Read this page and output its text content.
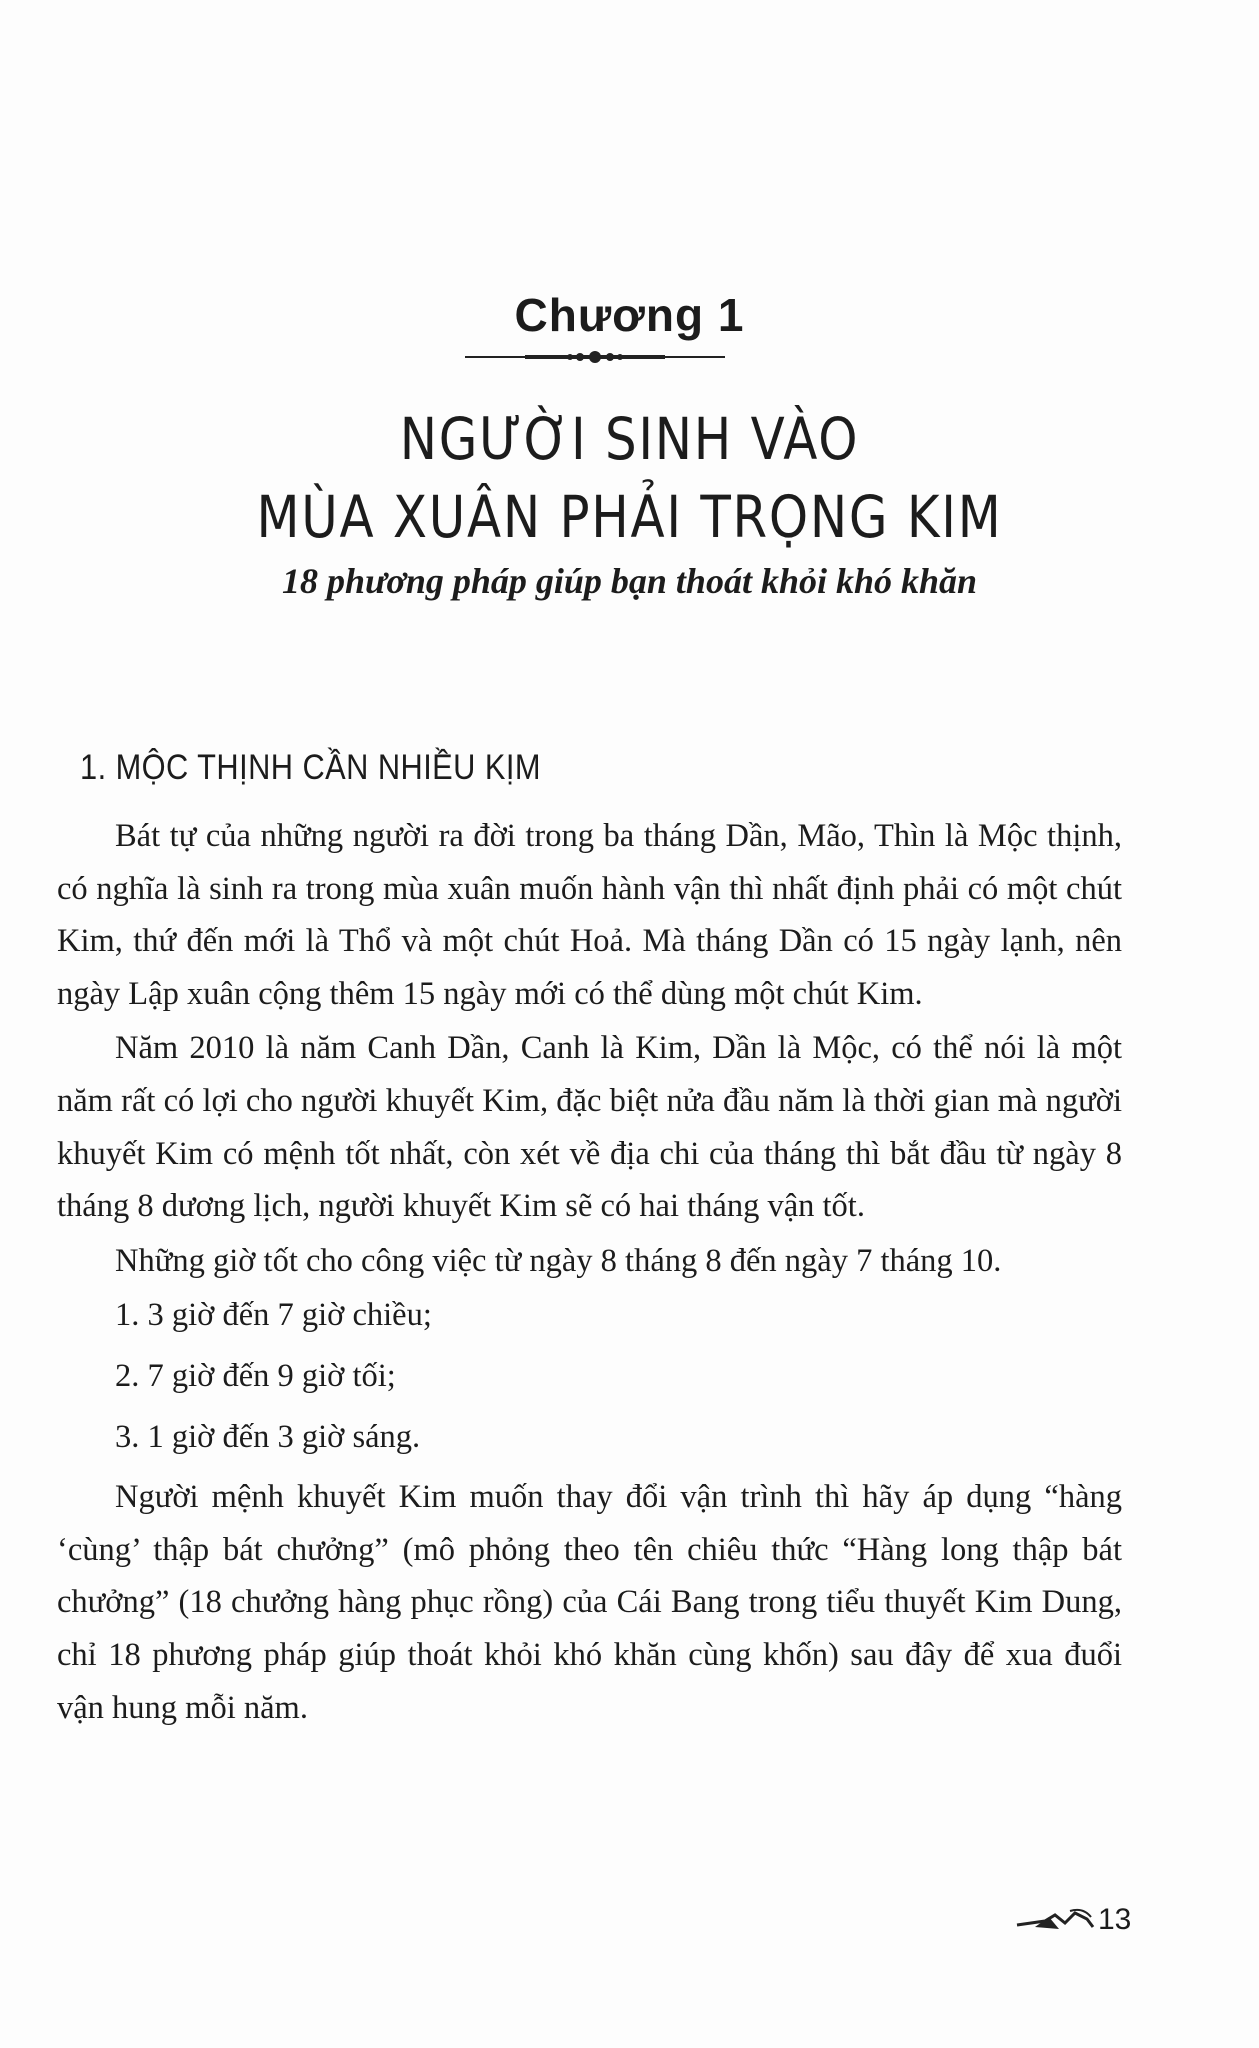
Chương 1
NGƯỜI SINH VÀO
MÙA XUÂN PHẢI TRỌNG KIM
18 phương pháp giúp bạn thoát khỏi khó khăn
1. MỘC THỊNH CẦN NHIỀU KỊM

Bát tự của những người ra đời trong ba tháng Dần, Mão, Thìn là Mộc thịnh, có nghĩa là sinh ra trong mùa xuân muốn hành vận thì nhất định phải có một chút Kim, thứ đến mới là Thổ và một chút Hoả. Mà tháng Dần có 15 ngày lạnh, nên ngày Lập xuân cộng thêm 15 ngày mới có thể dùng một chút Kim.

Năm 2010 là năm Canh Dần, Canh là Kim, Dần là Mộc, có thể nói là một năm rất có lợi cho người khuyết Kim, đặc biệt nửa đầu năm là thời gian mà người khuyết Kim có mệnh tốt nhất, còn xét về địa chi của tháng thì bắt đầu từ ngày 8 tháng 8 dương lịch, người khuyết Kim sẽ có hai tháng vận tốt.

Những giờ tốt cho công việc từ ngày 8 tháng 8 đến ngày 7 tháng 10.

1. 3 giờ đến 7 giờ chiều;

2. 7 giờ đến 9 giờ tối;

3. 1 giờ đến 3 giờ sáng.

Người mệnh khuyết Kim muốn thay đổi vận trình thì hãy áp dụng “hàng ‘cùng’ thập bát chưởng” (mô phỏng theo tên chiêu thức “Hàng long thập bát chưởng” (18 chưởng hàng phục rồng) của Cái Bang trong tiểu thuyết Kim Dung, chỉ 18 phương pháp giúp thoát khỏi khó khăn cùng khốn) sau đây để xua đuổi vận hung mỗi năm.

13
